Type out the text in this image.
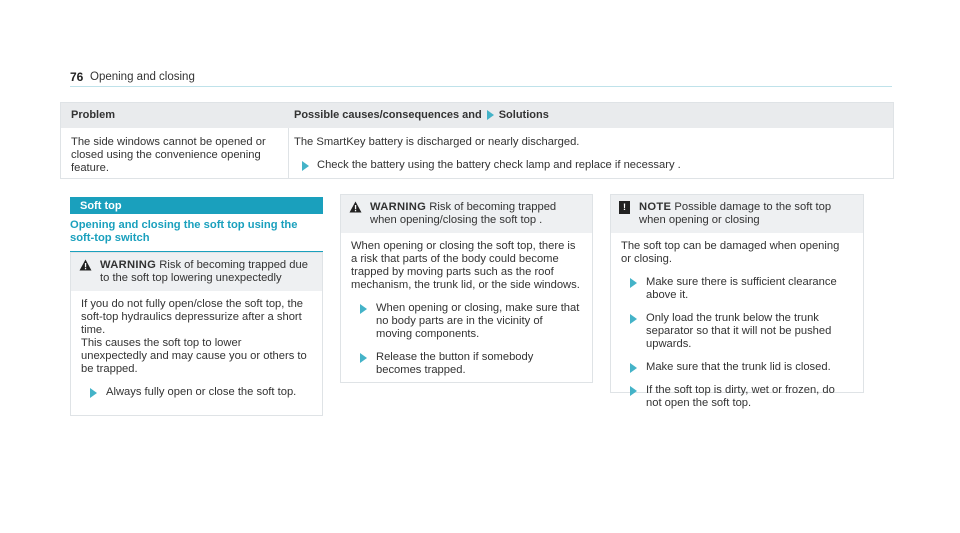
76 Opening and closing
Problem	Possible causes/consequences and Solutions
The side windows cannot be opened or closed using the convenience opening feature.
The SmartKey battery is discharged or nearly discharged.
Check the battery using the battery check lamp and replace if necessary .
Soft top
Opening and closing the soft top using the soft-top switch

WARNING Risk of becoming trapped due to the soft top lowering unexpectedly

If you do not fully open/close the soft top, the soft-top hydraulics depressurize after a short time.

This causes the soft top to lower unexpectedly and may cause you or others to be trapped.

Always fully open or close the soft top.

WARNING Risk of becoming trapped when opening/closing the soft top .

When opening or closing the soft top, there is a risk that parts of the body could become trapped by moving parts such as the roof mechanism, the trunk lid, or the side windows.

When opening or closing, make sure that no body parts are in the vicinity of moving components.
Release the button if somebody becomes trapped.
!	NOTE Possible damage to the soft top when opening or closing

The soft top can be damaged when opening or closing.

Make sure there is sufficient clearance above it.
Only load the trunk below the trunk separator so that it will not be pushed upwards.
Make sure that the trunk lid is closed.
If the soft top is dirty, wet or frozen, do not open the soft top.
